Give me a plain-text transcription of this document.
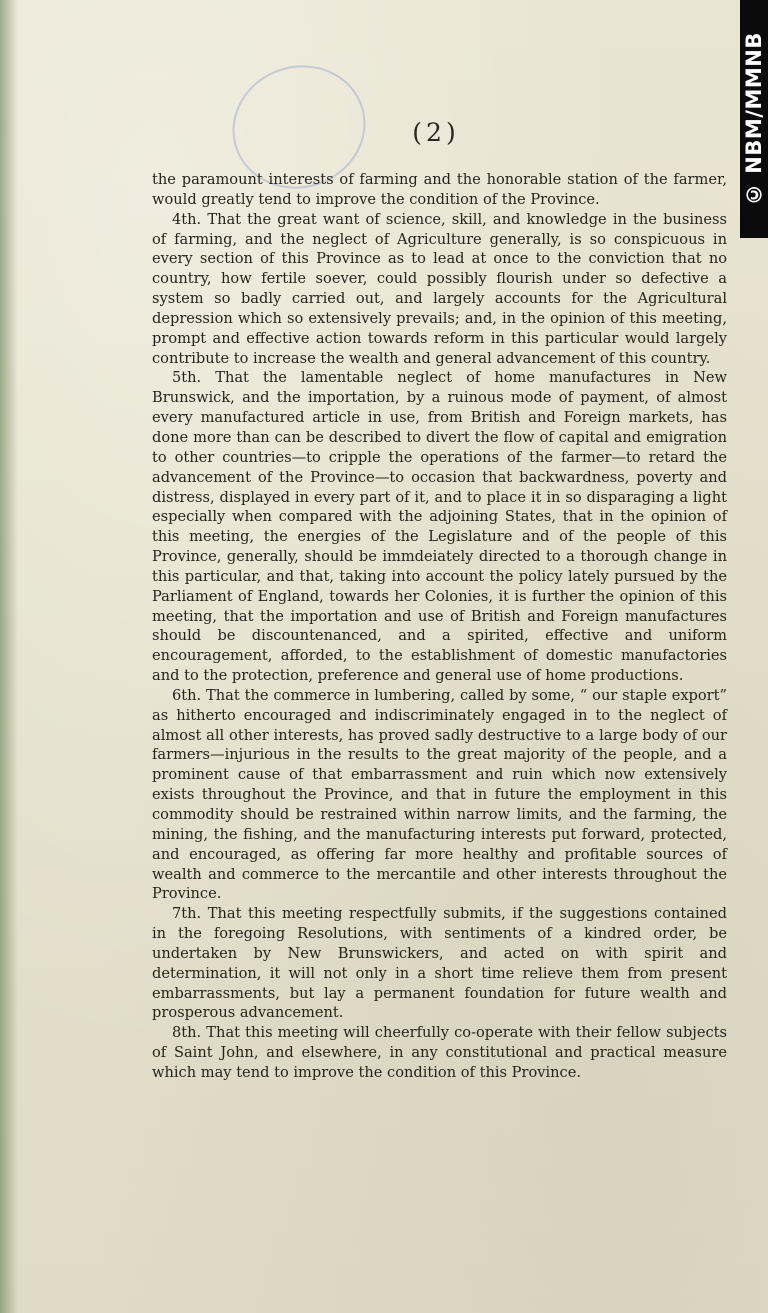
© NBM/MMNB
(2)

the paramount interests of farming and the honorable station of the farmer, would greatly tend to improve the condition of the Province.

4th. That the great want of science, skill, and knowledge in the business of farming, and the neglect of Agriculture generally, is so conspicuous in every section of this Province as to lead at once to the conviction that no country, how fertile soever, could possibly flourish under so defective a system so badly carried out, and largely accounts for the Agricultural depression which so extensively prevails; and, in the opinion of this meeting, prompt and effective action towards reform in this particular would largely contribute to increase the wealth and general advancement of this country.

5th. That the lamentable neglect of home manufactures in New Brunswick, and the importation, by a ruinous mode of payment, of almost every manufactured article in use, from British and Foreign markets, has done more than can be described to divert the flow of capital and emigration to other countries—to cripple the operations of the farmer—to retard the advancement of the Province—to occasion that backwardness, poverty and distress, displayed in every part of it, and to place it in so disparaging a light especially when compared with the adjoining States, that in the opinion of this meeting, the energies of the Legislature and of the people of this Province, generally, should be immdeiately directed to a thorough change in this particular, and that, taking into account the policy lately pursued by the Parliament of England, towards her Colonies, it is further the opinion of this meeting, that the importation and use of British and Foreign manufactures should be discountenanced, and a spirited, effective and uniform encouragement, afforded, to the establishment of domestic manufactories and to the protection, preference and general use of home productions.

6th. That the commerce in lumbering, called by some, “ our staple export” as hitherto encouraged and indiscriminately engaged in to the neglect of almost all other interests, has proved sadly destructive to a large body of our farmers—injurious in the results to the great majority of the people, and a prominent cause of that embarrassment and ruin which now extensively exists throughout the Province, and that in future the employment in this commodity should be restrained within narrow limits, and the farming, the mining, the fishing, and the manufacturing interests put forward, protected, and encouraged, as offering far more healthy and profitable sources of wealth and commerce to the mercantile and other interests throughout the Province.

7th. That this meeting respectfully submits, if the suggestions contained in the foregoing Resolutions, with sentiments of a kindred order, be undertaken by New Brunswickers, and acted on with spirit and determination, it will not only in a short time relieve them from present embarrassments, but lay a permanent foundation for future wealth and prosperous advancement.

8th. That this meeting will cheerfully co-operate with their fellow subjects of Saint John, and elsewhere, in any constitutional and practical measure which may tend to improve the condition of this Province.
